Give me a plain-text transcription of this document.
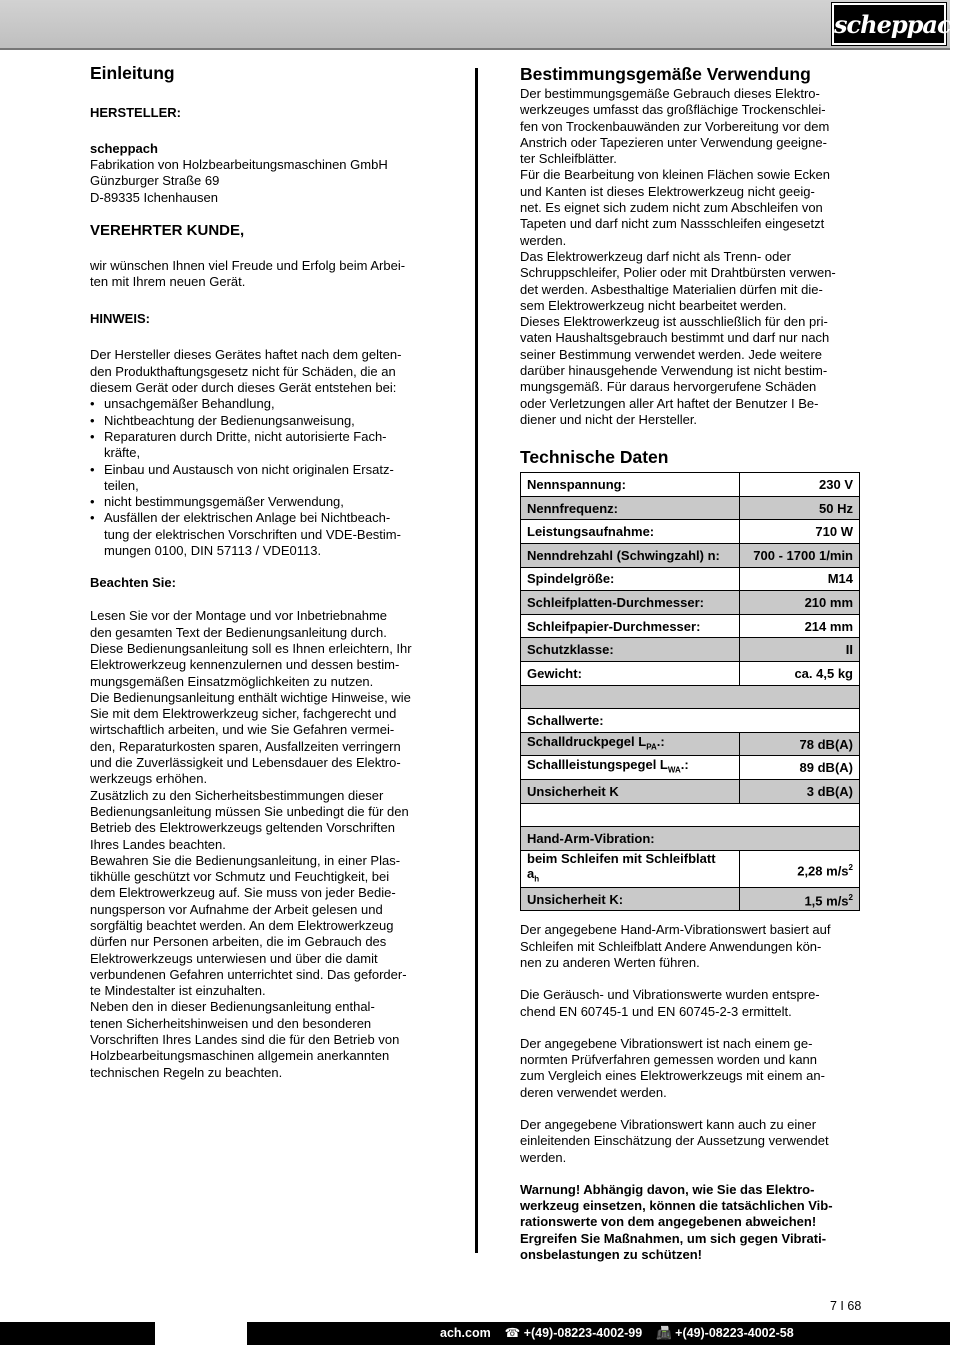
scheppach
Einleitung
HERSTELLER:
scheppach
Fabrikation von Holzbearbeitungsmaschinen GmbH
Günzburger Straße 69
D-89335 Ichenhausen
VEREHRTER KUNDE,
wir wünschen Ihnen viel Freude und Erfolg beim Arbei-
ten mit Ihrem neuen Gerät.
HINWEIS:
Der Hersteller dieses Gerätes haftet nach dem gelten-
den Produkthaftungsgesetz nicht für Schäden, die an
diesem Gerät oder durch dieses Gerät entstehen bei:
• unsachgemäßer Behandlung,
• Nichtbeachtung der Bedienungsanweisung,
• Reparaturen durch Dritte, nicht autorisierte Fach-
kräfte,
• Einbau und Austausch von nicht originalen Ersatz-
teilen,
• nicht bestimmungsgemäßer Verwendung,
• Ausfällen der elektrischen Anlage bei Nichtbeach-
tung der elektrischen Vorschriften und VDE-Bestim-
mungen 0100, DIN 57113 / VDE0113.
Beachten Sie:
Lesen Sie vor der Montage und vor Inbetriebnahme
den gesamten Text der Bedienungsanleitung durch.
Diese Bedienungsanleitung soll es Ihnen erleichtern, Ihr
Elektrowerkzeug kennenzulernen und dessen bestim-
mungsgemäßen Einsatzmöglichkeiten zu nutzen.
Die Bedienungsanleitung enthält wichtige Hinweise, wie
Sie mit dem Elektrowerkzeug sicher, fachgerecht und
wirtschaftlich arbeiten, und wie Sie Gefahren vermei-
den, Reparaturkosten sparen, Ausfallzeiten verringern
und die Zuverlässigkeit und Lebensdauer des Elektro-
werkzeugs erhöhen.
Zusätzlich zu den Sicherheitsbestimmungen dieser
Bedienungsanleitung müssen Sie unbedingt die für den
Betrieb des Elektrowerkzeugs geltenden Vorschriften
Ihres Landes beachten.
Bewahren Sie die Bedienungsanleitung, in einer Plas-
tikhülle geschützt vor Schmutz und Feuchtigkeit, bei
dem Elektrowerkzeug auf. Sie muss von jeder Bedie-
nungsperson vor Aufnahme der Arbeit gelesen und
sorgfältig beachtet werden. An dem Elektrowerkzeug
dürfen nur Personen arbeiten, die im Gebrauch des
Elektrowerkzeugs unterwiesen und über die damit
verbundenen Gefahren unterrichtet sind. Das geforder-
te Mindestalter ist einzuhalten.
Neben den in dieser Bedienungsanleitung enthal-
tenen Sicherheitshinweisen und den besonderen
Vorschriften Ihres Landes sind die für den Betrieb von
Holzbearbeitungsmaschinen allgemein anerkannten
technischen Regeln zu beachten.
Bestimmungsgemäße Verwendung
Der bestimmungsgemäße Gebrauch dieses Elektro-
werkzeuges umfasst das großflächige Trockenschlei-
fen von Trockenbauwänden zur Vorbereitung vor dem
Anstrich oder Tapezieren unter Verwendung geeigne-
ter Schleifblätter.
Für die Bearbeitung von kleinen Flächen sowie Ecken
und Kanten ist dieses Elektrowerkzeug nicht geeig-
net. Es eignet sich zudem nicht zum Abschleifen von
Tapeten und darf nicht zum Nassschleifen eingesetzt
werden.
Das Elektrowerkzeug darf nicht als Trenn- oder
Schruppschleifer, Polier oder mit Drahtbürsten verwen-
det werden. Asbesthaltige Materialien dürfen mit die-
sem Elektrowerkzeug nicht bearbeitet werden.
Dieses Elektrowerkzeug ist ausschließlich für den pri-
vaten Haushaltsgebrauch bestimmt und darf nur nach
seiner Bestimmung verwendet werden. Jede weitere
darüber hinausgehende Verwendung ist nicht bestim-
mungsgemäß. Für daraus hervorgerufene Schäden
oder Verletzungen aller Art haftet der Benutzer I Be-
diener und nicht der Hersteller.
Technische Daten
Nennspannung:	230 V
Nennfrequenz:	50 Hz
Leistungsaufnahme:	710 W
Nenndrehzahl (Schwingzahl) n:	700 - 1700 1/min
Spindelgröße:	M14
Schleifplatten-Durchmesser:	210 mm
Schleifpapier-Durchmesser:	214 mm
Schutzklasse:	II
Gewicht:	ca. 4,5 kg

Schallwerte:	
Schalldruckpegel $L_{PA}$.:	78 dB(A)
Schallleistungspegel $L_{WA}$.:	89 dB(A)
Unsicherheit K	3 dB(A)

Hand-Arm-Vibration:	
beim Schleifen mit Schleifblatt
$a_h$	2,28 $m/s^2$
Unsicherheit K:	1,5 $m/s^2$
Der angegebene Hand-Arm-Vibrationswert basiert auf
Schleifen mit Schleifblatt Andere Anwendungen kön-
nen zu anderen Werten führen.
Die Geräusch- und Vibrationswerte wurden entspre-
chend EN 60745-1 und EN 60745-2-3 ermittelt.
Der angegebene Vibrationswert ist nach einem ge-
normten Prüfverfahren gemessen worden und kann
zum Vergleich eines Elektrowerkzeugs mit einem an-
deren verwendet werden.
Der angegebene Vibrationswert kann auch zu einer
einleitenden Einschätzung der Aussetzung verwendet
werden.
Warnung! Abhängig davon, wie Sie das Elektro-
werkzeug einsetzen, können die tatsächlichen Vib-
rationswerte von dem angegebenen abweichen!
Ergreifen Sie Maßnahmen, um sich gegen Vibrati-
onsbelastungen zu schützen!
7 I 68
ach.com ☎ +(49)-08223-4002-99 📠 +(49)-08223-4002-58
